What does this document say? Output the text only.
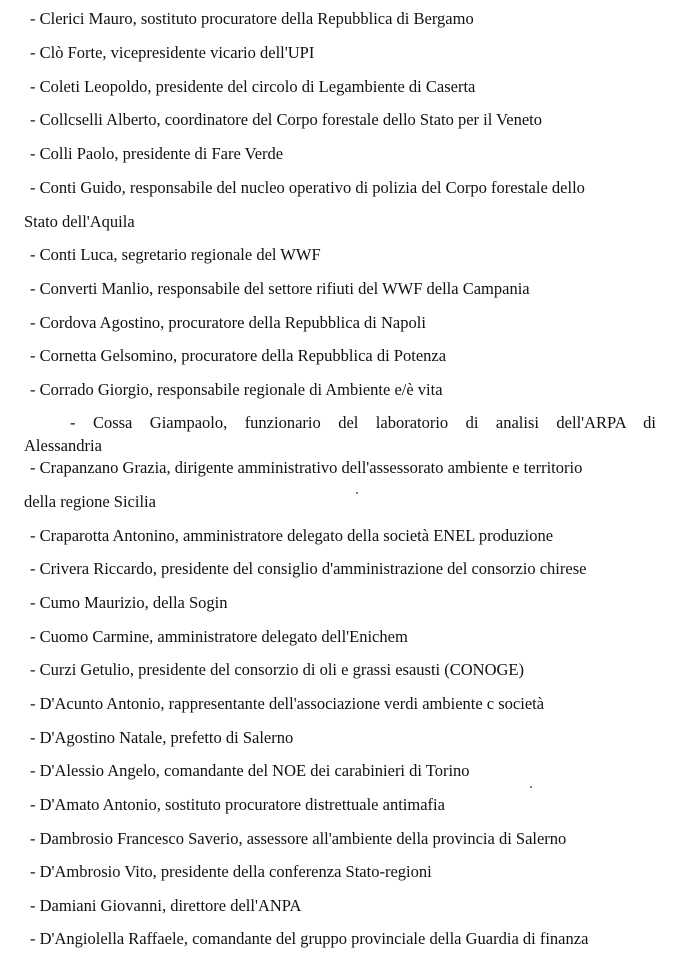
- Clerici Mauro, sostituto procuratore della Repubblica di Bergamo
- Clò Forte, vicepresidente vicario dell'UPI
- Coleti Leopoldo, presidente del circolo di Legambiente di Caserta
- Collcselli Alberto, coordinatore del Corpo forestale dello Stato per il Veneto
- Colli Paolo, presidente di Fare Verde
- Conti Guido, responsabile del nucleo operativo di polizia del Corpo forestale dello
Stato dell'Aquila
- Conti Luca, segretario regionale del WWF
- Converti Manlio, responsabile del settore rifiuti del WWF della Campania
- Cordova Agostino, procuratore della Repubblica di Napoli
- Cornetta Gelsomino, procuratore della Repubblica di Potenza
- Corrado Giorgio, responsabile regionale di Ambiente e/è vita
- Cossa Giampaolo, funzionario del laboratorio di analisi dell'ARPA di
Alessandria
- Crapanzano Grazia, dirigente amministrativo dell'assessorato ambiente e territorio
della regione Sicilia
- Craparotta Antonino, amministratore delegato della società ENEL produzione
- Crivera Riccardo, presidente del consiglio d'amministrazione del consorzio chirese
- Cumo Maurizio, della Sogin
- Cuomo Carmine, amministratore delegato dell'Enichem
- Curzi Getulio, presidente del consorzio di oli e grassi esausti (CONOGE)
- D'Acunto Antonio, rappresentante dell'associazione verdi ambiente c società
- D'Agostino Natale, prefetto di Salerno
- D'Alessio Angelo, comandante del NOE dei carabinieri di Torino
- D'Amato Antonio, sostituto procuratore distrettuale antimafia
- Dambrosio Francesco Saverio, assessore all'ambiente della provincia di Salerno
- D'Ambrosio Vito, presidente della conferenza Stato-regioni
- Damiani Giovanni, direttore dell'ANPA
- D'Angiolella Raffaele, comandante del gruppo provinciale della Guardia di finanza
